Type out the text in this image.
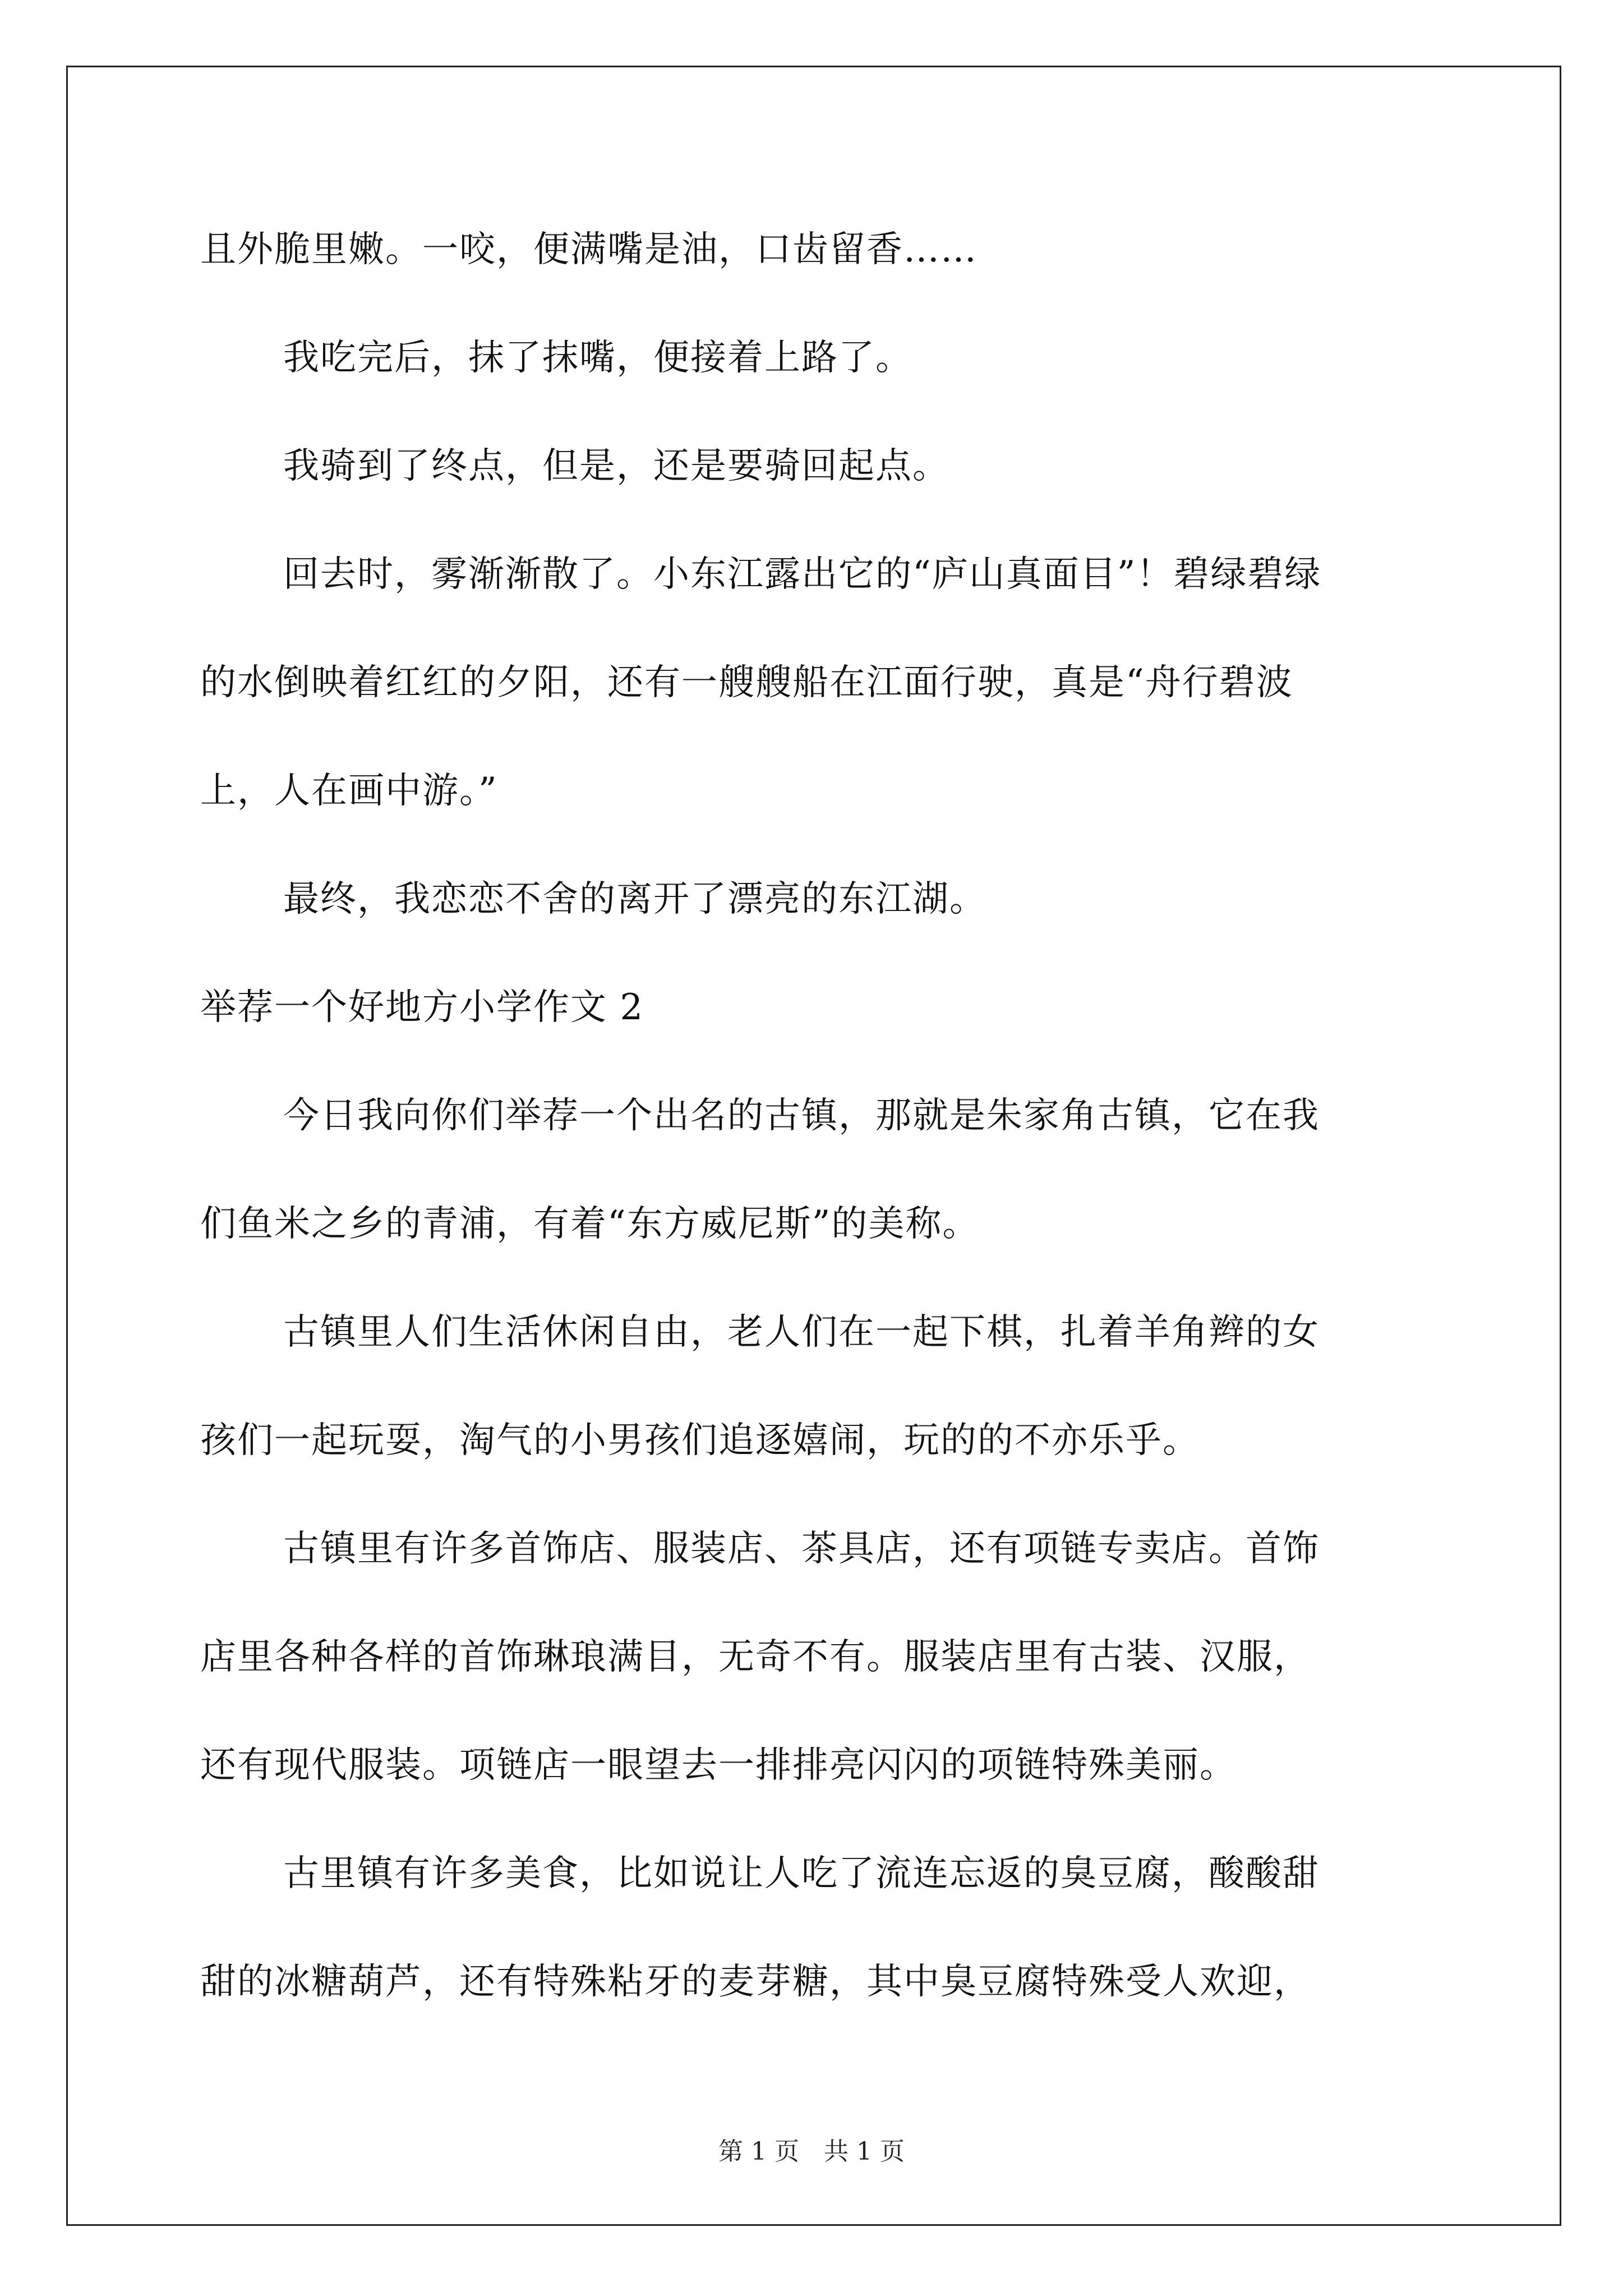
且外脆里嫩。一咬，便满嘴是油，口齿留香……
我吃完后，抹了抹嘴，便接着上路了。
我骑到了终点，但是，还是要骑回起点。
回去时，雾渐渐散了。小东江露出它的“庐山真面目”！碧绿碧绿
的水倒映着红红的夕阳，还有一艘艘船在江面行驶，真是“舟行碧波
上，人在画中游。”
最终，我恋恋不舍的离开了漂亮的东江湖。
举荐一个好地方小学作文 2
今日我向你们举荐一个出名的古镇，那就是朱家角古镇，它在我
们鱼米之乡的青浦，有着“东方威尼斯”的美称。
古镇里人们生活休闲自由，老人们在一起下棋，扎着羊角辫的女
孩们一起玩耍，淘气的小男孩们追逐嬉闹，玩的的不亦乐乎。
古镇里有许多首饰店、服装店、茶具店，还有项链专卖店。首饰
店里各种各样的首饰琳琅满目，无奇不有。服装店里有古装、汉服，
还有现代服装。项链店一眼望去一排排亮闪闪的项链特殊美丽。
古里镇有许多美食，比如说让人吃了流连忘返的臭豆腐，酸酸甜
甜的冰糖葫芦，还有特殊粘牙的麦芽糖，其中臭豆腐特殊受人欢迎，
第 1 页　共 1 页
